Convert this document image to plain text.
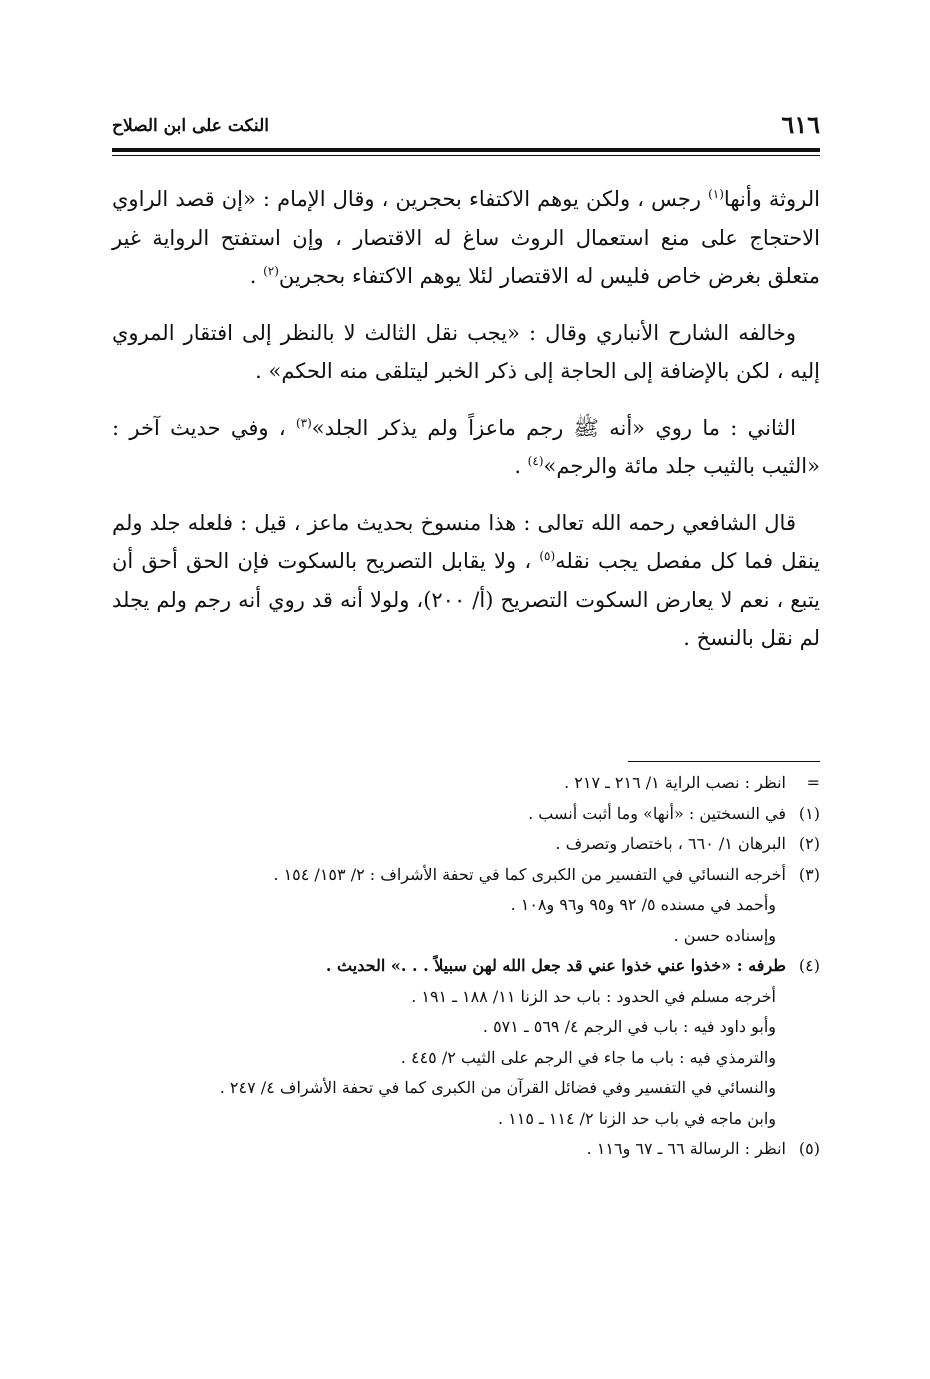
٦١٦
النكت على ابن الصلاح

الروثة وأنها$^{(١)}$ رجس ، ولكن يوهم الاكتفاء بحجرين ، وقال الإمام : «إن قصد الراوي الاحتجاج على منع استعمال الروث ساغ له الاقتصار ، وإن استفتح الرواية غير متعلق بغرض خاص فليس له الاقتصار لئلا يوهم الاكتفاء بحجرين$^{(٢)}$ .

وخالفه الشارح الأنباري وقال : «يجب نقل الثالث لا بالنظر إلى افتقار المروي إليه ، لكن بالإضافة إلى الحاجة إلى ذكر الخبر ليتلقى منه الحكم» .

الثاني : ما روي «أنه ﷺ رجم ماعزاً ولم يذكر الجلد»$^{(٣)}$ ، وفي حديث آخر : «الثيب بالثيب جلد مائة والرجم»$^{(٤)}$ .

قال الشافعي رحمه الله تعالى : هذا منسوخ بحديث ماعز ، قيل : فلعله جلد ولم ينقل فما كل مفصل يجب نقله$^{(٥)}$ ، ولا يقابل التصريح بالسكوت فإن الحق أحق أن يتبع ، نعم لا يعارض السكوت التصريح (أ/ ٢٠٠)، ولولا أنه قد روي أنه رجم ولم يجلد لم نقل بالنسخ .

=
انظر : نصب الراية ١/ ٢١٦ ـ ٢١٧ .
(١)
في النسختين : «أنها» وما أثبت أنسب .
(٢)
البرهان ١/ ٦٦٠ ، باختصار وتصرف .
(٣)
أخرجه النسائي في التفسير من الكبرى كما في تحفة الأشراف : ٢/ ١٥٣/ ١٥٤ .
وأحمد في مسنده ٥/ ٩٢ و٩٥ و٩٦ و١٠٨ .
وإسناده حسن .
(٤)
طرفه : «خذوا عني خذوا عني قد جعل الله لهن سبيلاً . . .» الحديث .
أخرجه مسلم في الحدود : باب حد الزنا ١١/ ١٨٨ ـ ١٩١ .
وأبو داود فيه : باب في الرجم ٤/ ٥٦٩ ـ ٥٧١ .
والترمذي فيه : باب ما جاء في الرجم على الثيب ٢/ ٤٤٥ .
والنسائي في التفسير وفي فضائل القرآن من الكبرى كما في تحفة الأشراف ٤/ ٢٤٧ .
وابن ماجه في باب حد الزنا ٢/ ١١٤ ـ ١١٥ .
(٥)
انظر : الرسالة ٦٦ ـ ٦٧ و١١٦ .
